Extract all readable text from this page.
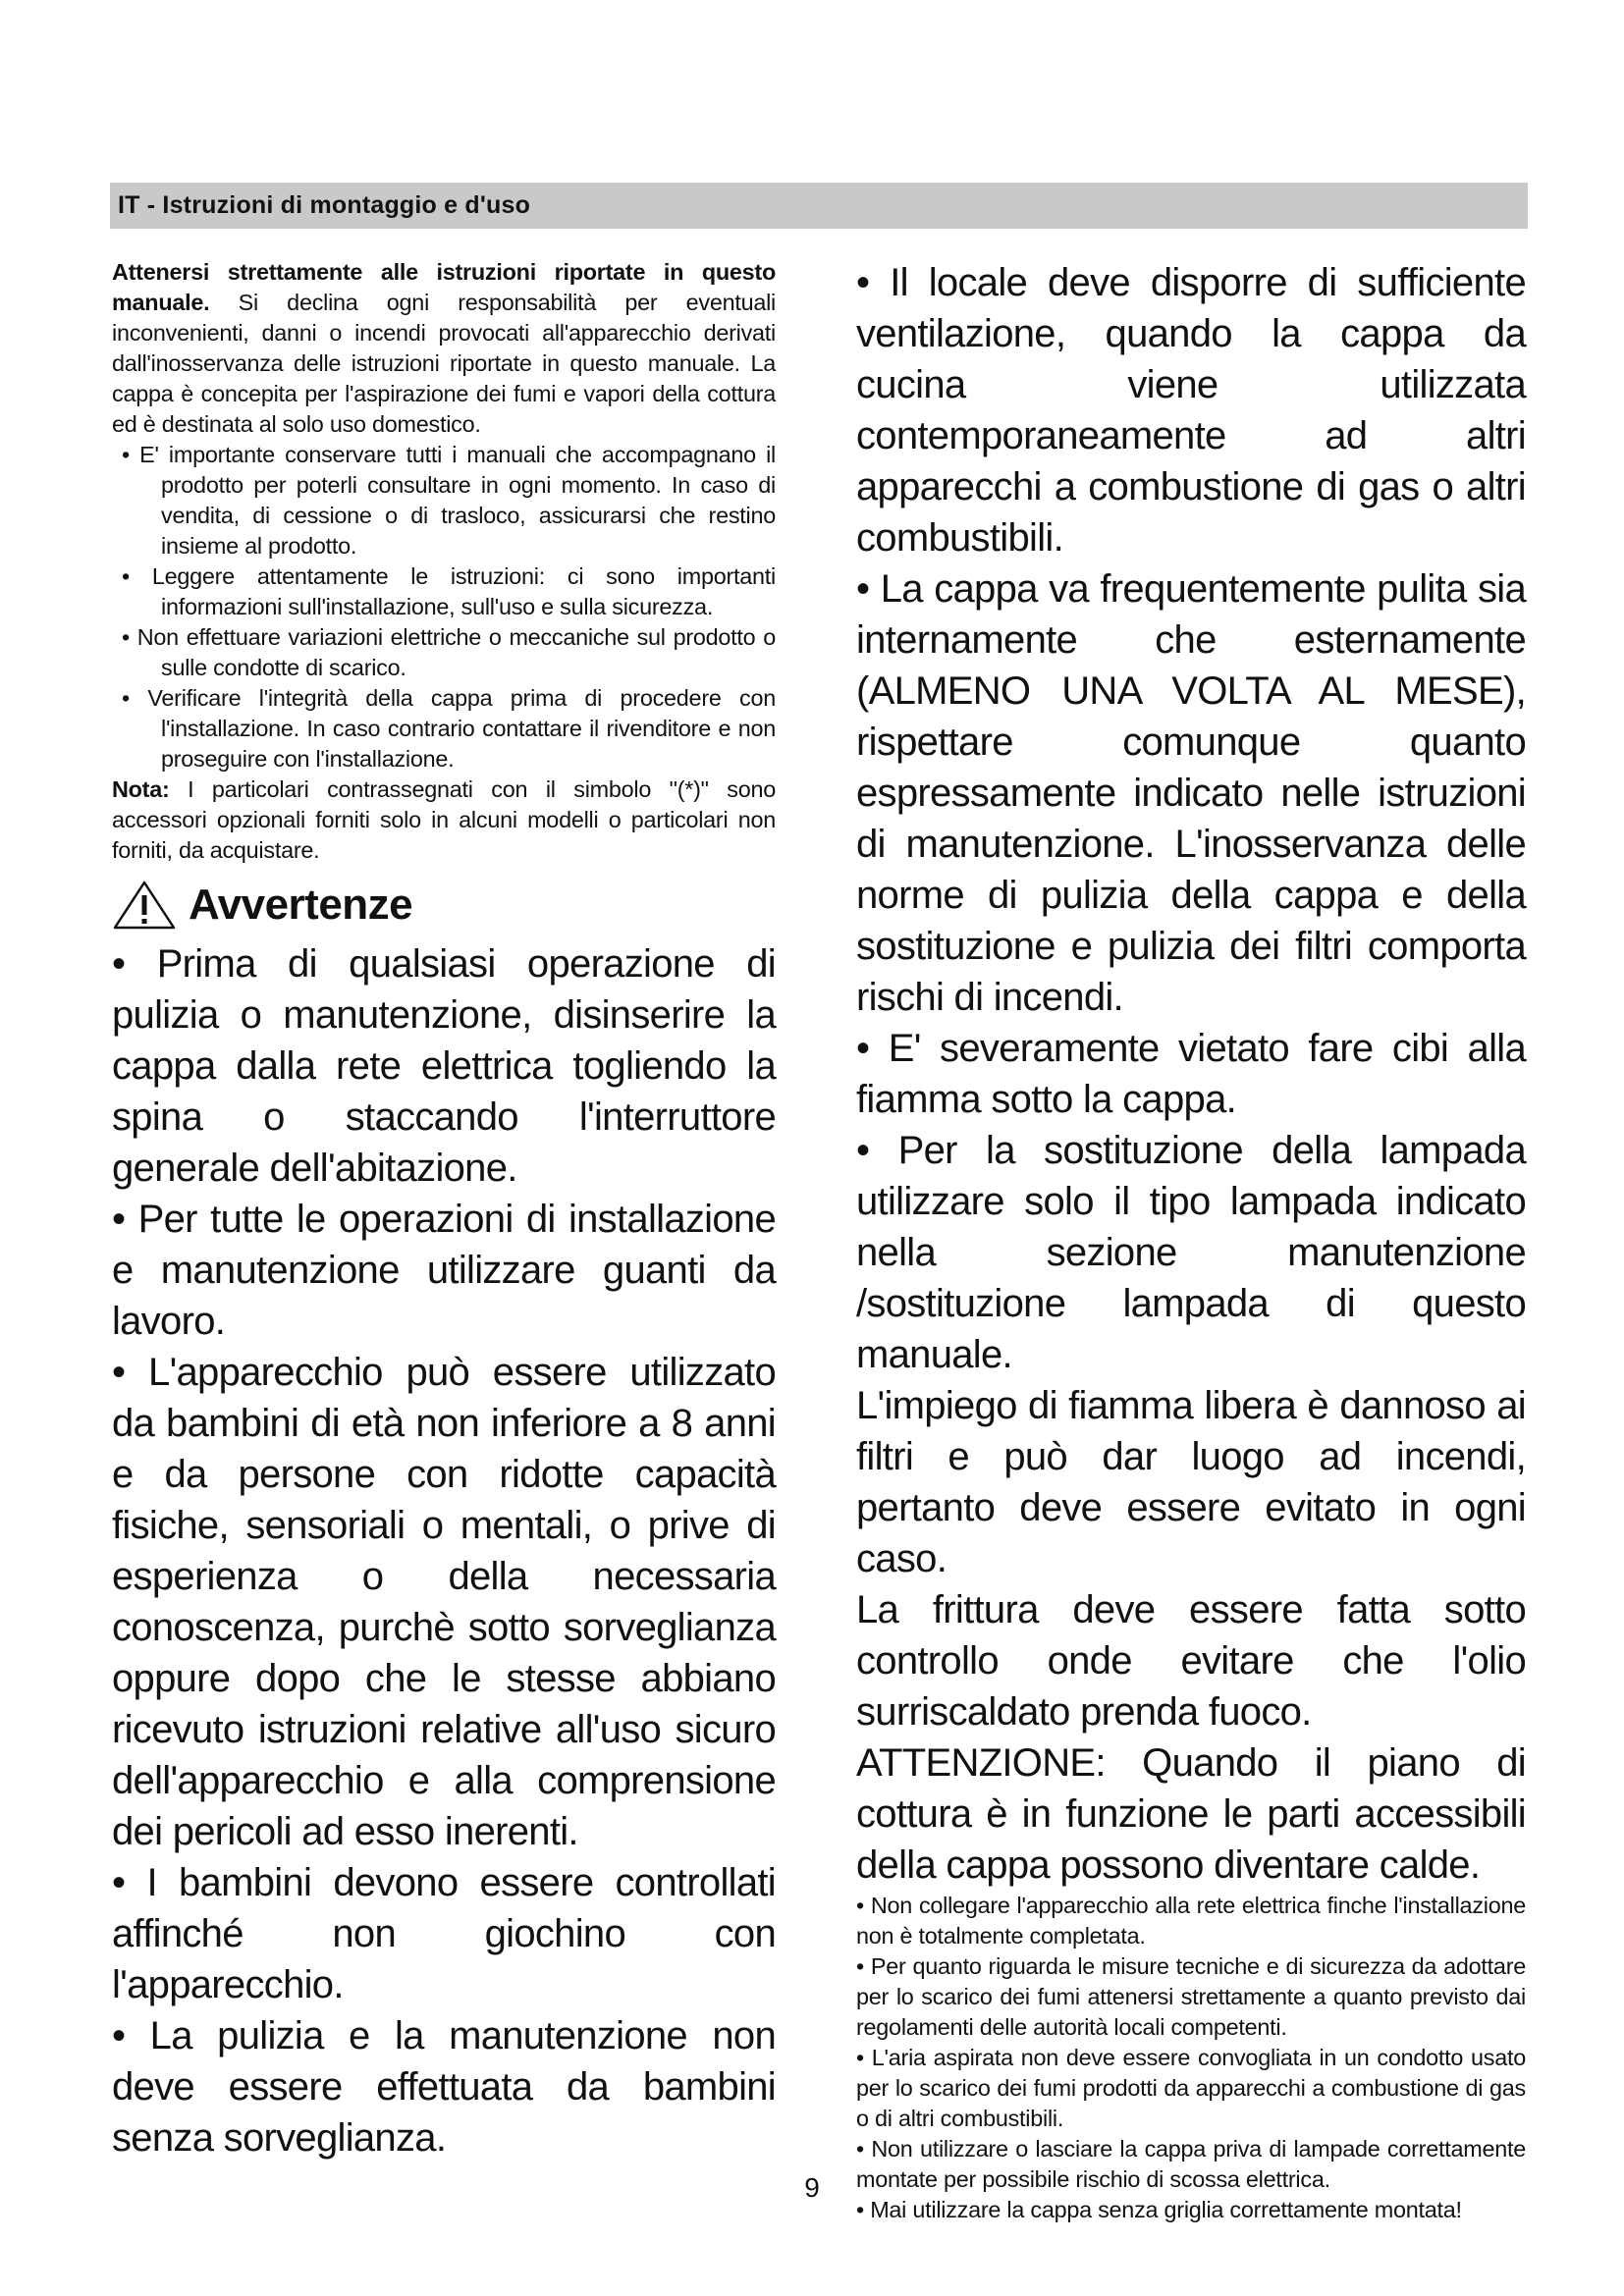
IT - Istruzioni di montaggio e d'uso

Attenersi strettamente alle istruzioni riportate in questo manuale. Si declina ogni responsabilità per eventuali inconvenienti, danni o incendi provocati all'apparecchio derivati dall'inosservanza delle istruzioni riportate in questo manuale. La cappa è concepita per l'aspirazione dei fumi e vapori della cottura ed è destinata al solo uso domestico.

• E' importante conservare tutti i manuali che accompagnano il prodotto per poterli consultare in ogni momento. In caso di vendita, di cessione o di trasloco, assicurarsi che restino insieme al prodotto.

• Leggere attentamente le istruzioni: ci sono importanti informazioni sull'installazione, sull'uso e sulla sicurezza.

• Non effettuare variazioni elettriche o meccaniche sul prodotto o sulle condotte di scarico.

• Verificare l'integrità della cappa prima di procedere con l'installazione. In caso contrario contattare il rivenditore e non proseguire con l'installazione.

Nota: I particolari contrassegnati con il simbolo "(*)" sono accessori opzionali forniti solo in alcuni modelli o particolari non forniti, da acquistare.

Avvertenze

• Prima di qualsiasi operazione di pulizia o manutenzione, disinserire la cappa dalla rete elettrica togliendo la spina o staccando l'interruttore generale dell'abitazione.

• Per tutte le operazioni di installazione e manutenzione utilizzare guanti da lavoro.

• L'apparecchio può essere utilizzato da bambini di età non inferiore a 8 anni e da persone con ridotte capacità fisiche, sensoriali o mentali, o prive di esperienza o della necessaria conoscenza, purchè sotto sorveglianza oppure dopo che le stesse abbiano ricevuto istruzioni relative all'uso sicuro dell'apparecchio e alla comprensione dei pericoli ad esso inerenti.

• I bambini devono essere controllati affinché non giochino con l'apparecchio.

• La pulizia e la manutenzione non deve essere effettuata da bambini senza sorveglianza.

• Il locale deve disporre di sufficiente ventilazione, quando la cappa da cucina viene utilizzata contemporaneamente ad altri apparecchi a combustione di gas o altri combustibili.

• La cappa va frequentemente pulita sia internamente che esternamente (ALMENO UNA VOLTA AL MESE), rispettare comunque quanto espressamente indicato nelle istruzioni di manutenzione. L'inosservanza delle norme di pulizia della cappa e della sostituzione e pulizia dei filtri comporta rischi di incendi.

• E' severamente vietato fare cibi alla fiamma sotto la cappa.

• Per la sostituzione della lampada utilizzare solo il tipo lampada indicato nella sezione manutenzione /sostituzione lampada di questo manuale.

L'impiego di fiamma libera è dannoso ai filtri e può dar luogo ad incendi, pertanto deve essere evitato in ogni caso.

La frittura deve essere fatta sotto controllo onde evitare che l'olio surriscaldato prenda fuoco.

ATTENZIONE: Quando il piano di cottura è in funzione le parti accessibili della cappa possono diventare calde.

• Non collegare l'apparecchio alla rete elettrica finche l'installazione non è totalmente completata.

• Per quanto riguarda le misure tecniche e di sicurezza da adottare per lo scarico dei fumi attenersi strettamente a quanto previsto dai regolamenti delle autorità locali competenti.

• L'aria aspirata non deve essere convogliata in un condotto usato per lo scarico dei fumi prodotti da apparecchi a combustione di gas o di altri combustibili.

• Non utilizzare o lasciare la cappa priva di lampade correttamente montate per possibile rischio di scossa elettrica.

• Mai utilizzare la cappa senza griglia correttamente montata!

9
